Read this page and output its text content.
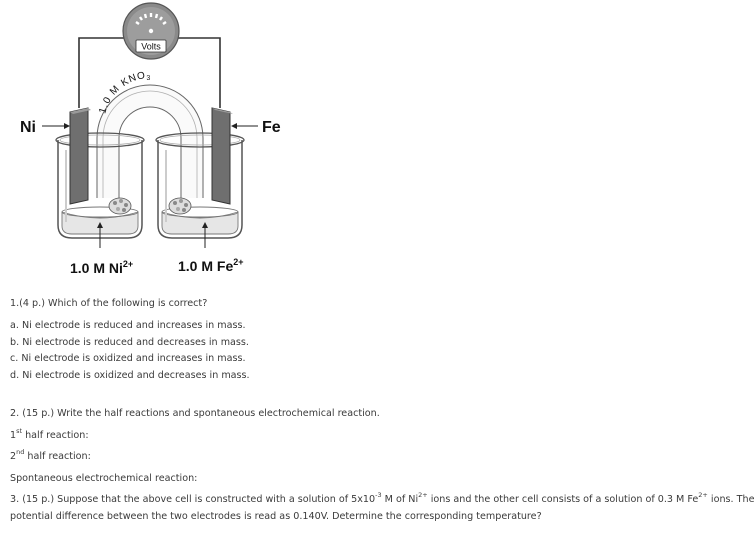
Volts
1.0 M $KNO_3$
Ni	Fe
1.0 M $Ni^{2+}$	1.0 M $Fe^{2+}$
1.(4 p.) Which of the following is correct?
a. Ni electrode is reduced and increases in mass.
b. Ni electrode is reduced and decreases in mass.
c. Ni electrode is oxidized and increases in mass.
d. Ni electrode is oxidized and decreases in mass.
2. (15 p.) Write the half reactions and spontaneous electrochemical reaction.
1st half reaction:
2nd half reaction:
Spontaneous electrochemical reaction:
3. (15 p.) Suppose that the above cell is constructed with a solution of $5x10^{-3}$ M of $Ni^{2+}$ ions and the other cell consists of a solution of 0.3 M $Fe^{2+}$ ions. The
potential difference between the two electrodes is read as 0.140V. Determine the corresponding temperature?
